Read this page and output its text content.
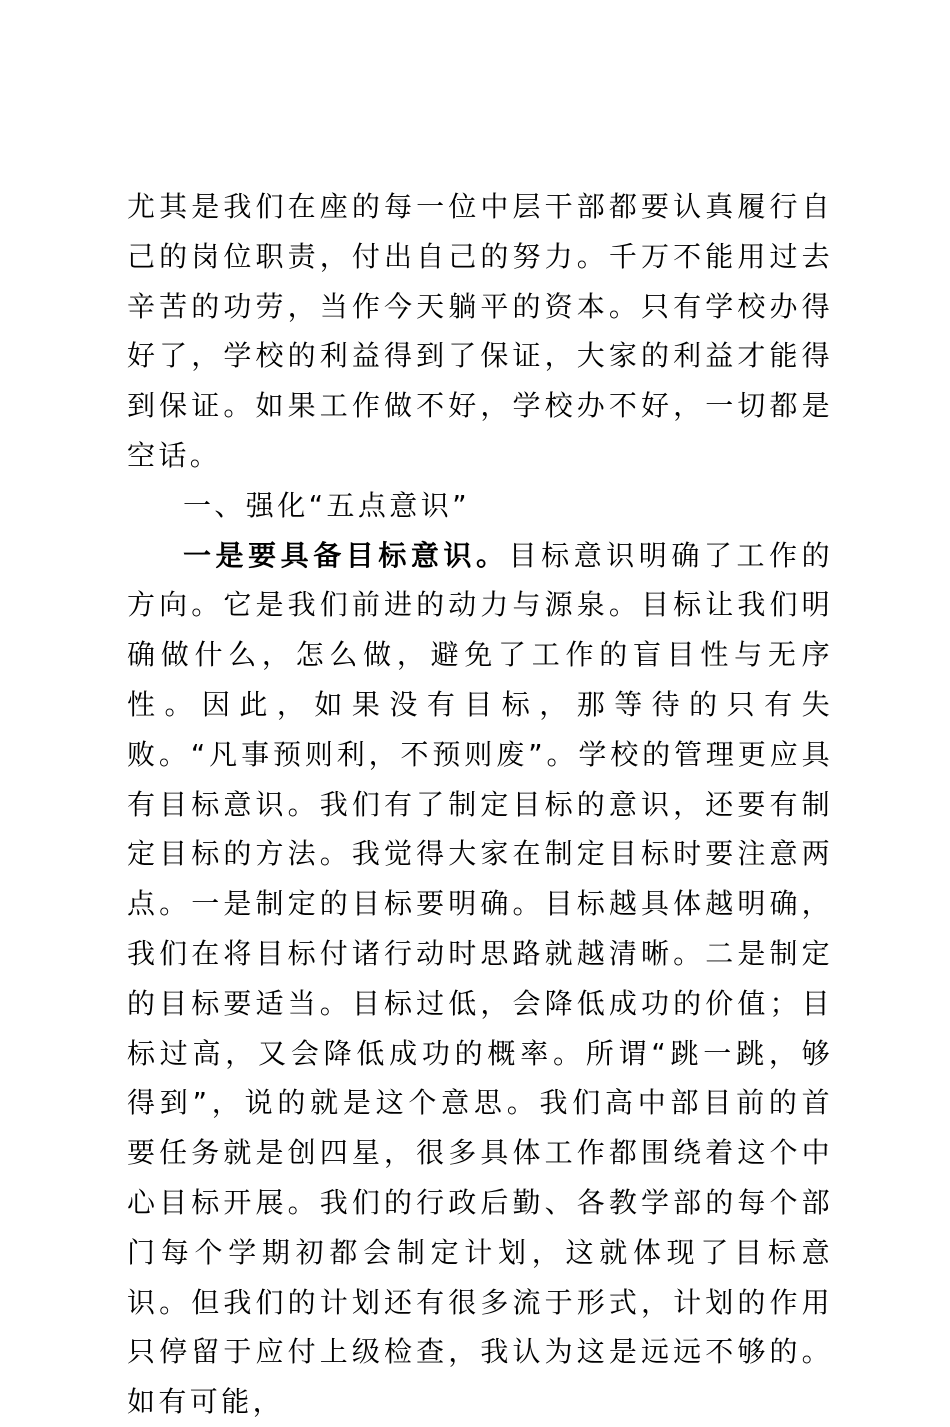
尤其是我们在座的每一位中层干部都要认真履行自己的岗位职责，付出自己的努力。千万不能用过去辛苦的功劳，当作今天躺平的资本。只有学校办得好了，学校的利益得到了保证，大家的利益才能得到保证。如果工作做不好，学校办不好，一切都是空话。

一、强化“五点意识”

一是要具备目标意识。目标意识明确了工作的方向。它是我们前进的动力与源泉。目标让我们明确做什么，怎么做，避免了工作的盲目性与无序性。因此，如果没有目标，那等待的只有失败。“凡事预则利，不预则废”。学校的管理更应具有目标意识。我们有了制定目标的意识，还要有制定目标的方法。我觉得大家在制定目标时要注意两点。一是制定的目标要明确。目标越具体越明确，我们在将目标付诸行动时思路就越清晰。二是制定的目标要适当。目标过低，会降低成功的价值；目标过高，又会降低成功的概率。所谓“跳一跳，够得到”，说的就是这个意思。我们高中部目前的首要任务就是创四星，很多具体工作都围绕着这个中心目标开展。我们的行政后勤、各教学部的每个部门每个学期初都会制定计划，这就体现了目标意识。但我们的计划还有很多流于形式，计划的作用只停留于应付上级检查，我认为这是远远不够的。如有可能，
